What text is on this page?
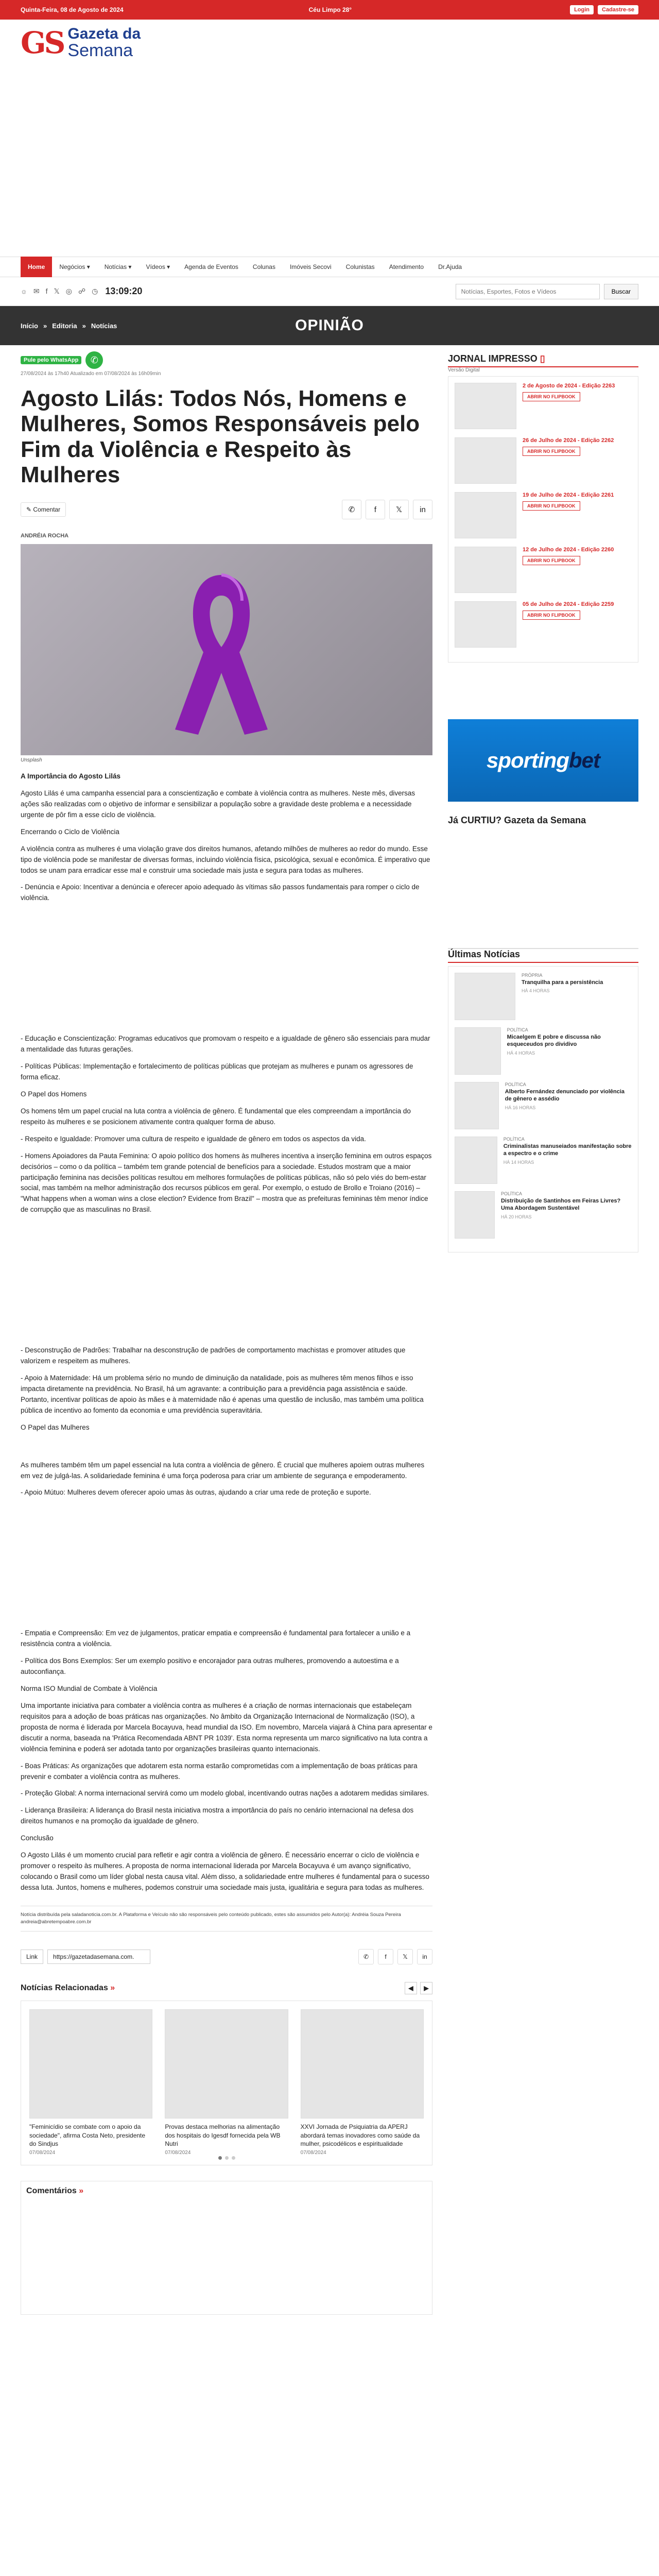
Quinta-Feira, 08 de Agosto de 2024	Céu Limpo 28°	Login	Cadastre-se
GS Gazeta da
Semana
Home	Negócios ▾	Notícias ▾	Vídeos ▾	Agenda de Eventos	Colunas	Imóveis Secovi	Colunistas	Atendimento	Dr.Ajuda
☼ ✉ f 𝕏 ◎ ☍ ◷ 13:09:20
Notícias, Esportes, Fotos e Vídeos	Buscar
Início » Editoria » Notícias	OPINIÃO
Pule pelo WhatsApp	✆
27/08/2024 às 17h40 Atualizado em 07/08/2024 às 16h09min
Agosto Lilás: Todos Nós, Homens e Mulheres, Somos Responsáveis pelo Fim da Violência e Respeito às Mulheres
✎ Comentar	✆	f	𝕏	in
ANDRÉIA ROCHA
Unsplash

A Importância do Agosto Lilás

Agosto Lilás é uma campanha essencial para a conscientização e combate à violência contra as mulheres. Neste mês, diversas ações são realizadas com o objetivo de informar e sensibilizar a população sobre a gravidade deste problema e a necessidade urgente de pôr fim a esse ciclo de violência.

Encerrando o Ciclo de Violência

A violência contra as mulheres é uma violação grave dos direitos humanos, afetando milhões de mulheres ao redor do mundo. Esse tipo de violência pode se manifestar de diversas formas, incluindo violência física, psicológica, sexual e econômica. É imperativo que todos se unam para erradicar esse mal e construir uma sociedade mais justa e segura para todas as mulheres.

- Denúncia e Apoio: Incentivar a denúncia e oferecer apoio adequado às vítimas são passos fundamentais para romper o ciclo de violência.

- Educação e Conscientização: Programas educativos que promovam o respeito e a igualdade de gênero são essenciais para mudar a mentalidade das futuras gerações.

- Políticas Públicas: Implementação e fortalecimento de políticas públicas que protejam as mulheres e punam os agressores de forma eficaz.

O Papel dos Homens

Os homens têm um papel crucial na luta contra a violência de gênero. É fundamental que eles compreendam a importância do respeito às mulheres e se posicionem ativamente contra qualquer forma de abuso.

- Respeito e Igualdade: Promover uma cultura de respeito e igualdade de gênero em todos os aspectos da vida.

- Homens Apoiadores da Pauta Feminina: O apoio político dos homens às mulheres incentiva a inserção feminina em outros espaços decisórios – como o da política – também tem grande potencial de benefícios para a sociedade. Estudos mostram que a maior participação feminina nas decisões políticas resultou em melhores formulações de políticas públicas, não só pelo viés do bem-estar social, mas também na melhor administração dos recursos públicos em geral. Por exemplo, o estudo de Brollo e Troiano (2016) – "What happens when a woman wins a close election? Evidence from Brazil" – mostra que as prefeituras femininas têm menor índice de corrupção que as masculinas no Brasil.

- Desconstrução de Padrões: Trabalhar na desconstrução de padrões de comportamento machistas e promover atitudes que valorizem e respeitem as mulheres.

- Apoio à Maternidade: Há um problema sério no mundo de diminuição da natalidade, pois as mulheres têm menos filhos e isso impacta diretamente na previdência. No Brasil, há um agravante: a contribuição para a previdência paga assistência e saúde. Portanto, incentivar políticas de apoio às mães e à maternidade não é apenas uma questão de inclusão, mas também uma política pública de incentivo ao fomento da economia e uma previdência superavitária.

O Papel das Mulheres

As mulheres também têm um papel essencial na luta contra a violência de gênero. É crucial que mulheres apoiem outras mulheres em vez de julgá-las. A solidariedade feminina é uma força poderosa para criar um ambiente de segurança e empoderamento.

- Apoio Mútuo: Mulheres devem oferecer apoio umas às outras, ajudando a criar uma rede de proteção e suporte.

- Empatia e Compreensão: Em vez de julgamentos, praticar empatia e compreensão é fundamental para fortalecer a união e a resistência contra a violência.

- Política dos Bons Exemplos: Ser um exemplo positivo e encorajador para outras mulheres, promovendo a autoestima e a autoconfiança.

Norma ISO Mundial de Combate à Violência

Uma importante iniciativa para combater a violência contra as mulheres é a criação de normas internacionais que estabeleçam requisitos para a adoção de boas práticas nas organizações. No âmbito da Organização Internacional de Normalização (ISO), a proposta de norma é liderada por Marcela Bocayuva, head mundial da ISO. Em novembro, Marcela viajará à China para apresentar e discutir a norma, baseada na 'Prática Recomendada ABNT PR 1039'. Esta norma representa um marco significativo na luta contra a violência feminina e poderá ser adotada tanto por organizações brasileiras quanto internacionais.

- Boas Práticas: As organizações que adotarem esta norma estarão comprometidas com a implementação de boas práticas para prevenir e combater a violência contra as mulheres.

- Proteção Global: A norma internacional servirá como um modelo global, incentivando outras nações a adotarem medidas similares.

- Liderança Brasileira: A liderança do Brasil nesta iniciativa mostra a importância do país no cenário internacional na defesa dos direitos humanos e na promoção da igualdade de gênero.

Conclusão

O Agosto Lilás é um momento crucial para refletir e agir contra a violência de gênero. É necessário encerrar o ciclo de violência e promover o respeito às mulheres. A proposta de norma internacional liderada por Marcela Bocayuva é um avanço significativo, colocando o Brasil como um líder global nesta causa vital. Além disso, a solidariedade entre mulheres é fundamental para o sucesso dessa luta. Juntos, homens e mulheres, podemos construir uma sociedade mais justa, igualitária e segura para todas as mulheres.

Notícia distribuída pela saladanoticia.com.br. A Plataforma e Veículo não são responsáveis pelo conteúdo publicado, estes são assumidos pelo Autor(a): Andréia Souza Pereira andreia@abretempoabre.com.br
Link	https://gazetadasemana.com.	✆	f	𝕏	in
Notícias Relacionadas »	◀	▶
"Feminicídio se combate com o apoio da sociedade", afirma Costa Neto, presidente do Sindjus
07/08/2024
Provas destaca melhorias na alimentação dos hospitais do Igesdf fornecida pela WB Nutri
07/08/2024
XXVI Jornada de Psiquiatria da APERJ abordará temas inovadores como saúde da mulher, psicodélicos e espiritualidade
07/08/2024
Comentários »
JORNAL IMPRESSO ▯
Versão Digital
2 de Agosto de 2024 - Edição 2263
ABRIR NO FLIPBOOK
26 de Julho de 2024 - Edição 2262
ABRIR NO FLIPBOOK
19 de Julho de 2024 - Edição 2261
ABRIR NO FLIPBOOK
12 de Julho de 2024 - Edição 2260
ABRIR NO FLIPBOOK
05 de Julho de 2024 - Edição 2259
ABRIR NO FLIPBOOK
sporting bet
Já CURTIU? Gazeta da Semana
Últimas Notícias
PRÓPRIA
Tranquilha para a persistência
HÁ 4 HORAS
POLÍTICA
Micaelgem E pobre e discussa não esqueceudos pro dividivo
HÁ 4 HORAS
POLÍTICA
Alberto Fernández denunciado por violência de gênero e assédio
HÁ 16 HORAS
POLÍTICA
Criminalistas manuseiados manifestação sobre a espectro e o crime
HÁ 14 HORAS
POLÍTICA
Distribuição de Santinhos em Feiras Livres? Uma Abordagem Sustentável
HÁ 20 HORAS
